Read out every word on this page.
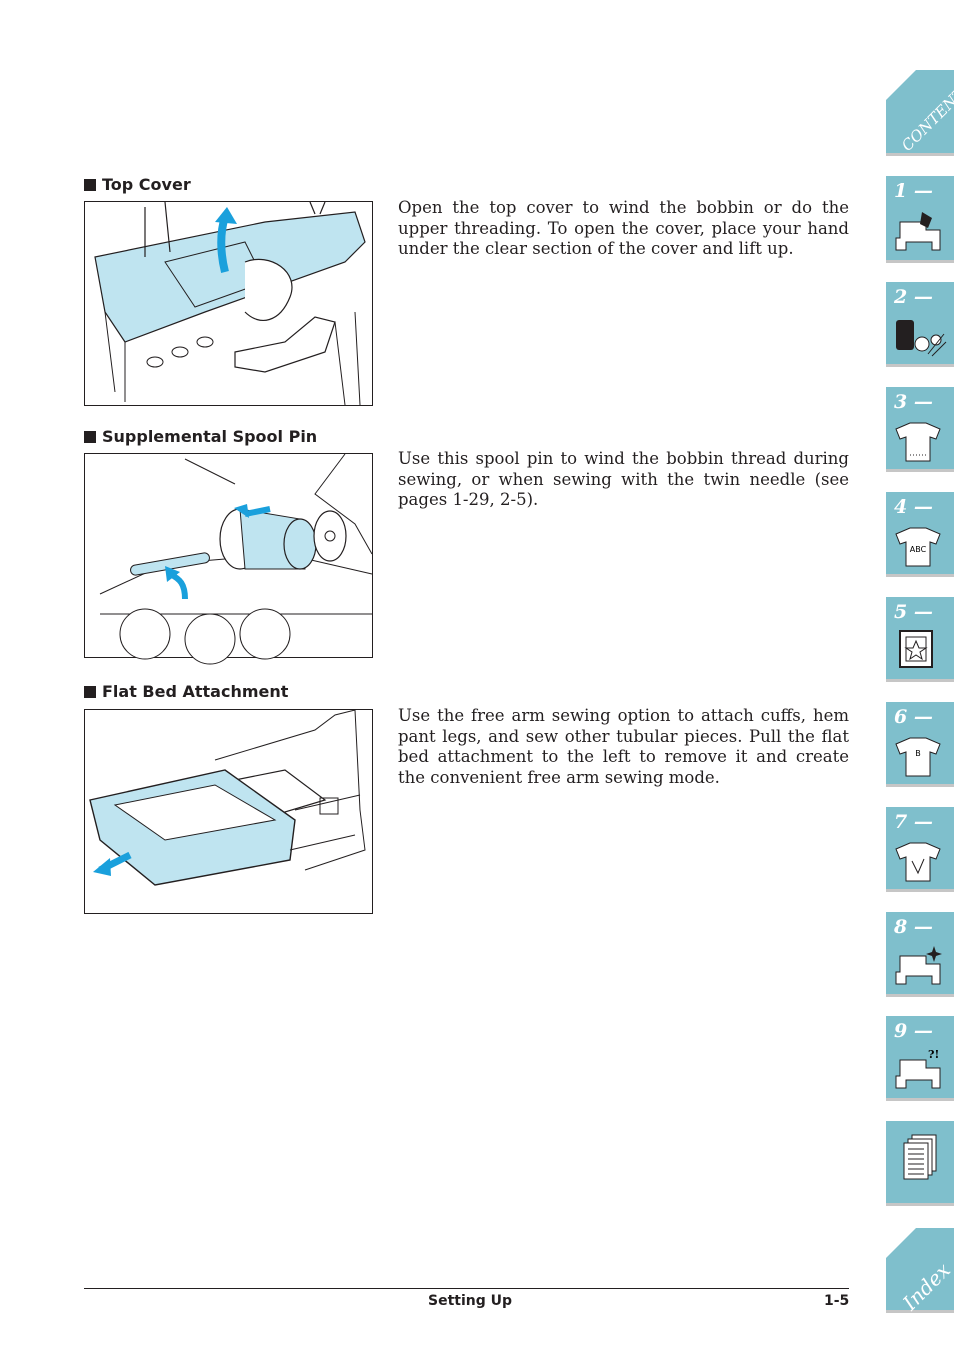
Top Cover

Open the top cover to wind the bobbin or do the upper threading. To open the cover, place your hand under the clear section of the cover and lift up.

Supplemental Spool Pin

Use this spool pin to wind the bobbin thread during sewing, or when sewing with the twin needle (see pages 1-29, 2-5).

Flat Bed Attachment

Use the free arm sewing option to attach cuffs, hem pant legs, and sew other tubular pieces. Pull the flat bed attachment to the left to remove it and create the convenient free arm sewing mode.

Setting Up	1-5
CONTENTS
1 —
2 —
3 —
4 —
ABC
5 —
6 —
B
7 —
8 —
9 —
?!
Index
